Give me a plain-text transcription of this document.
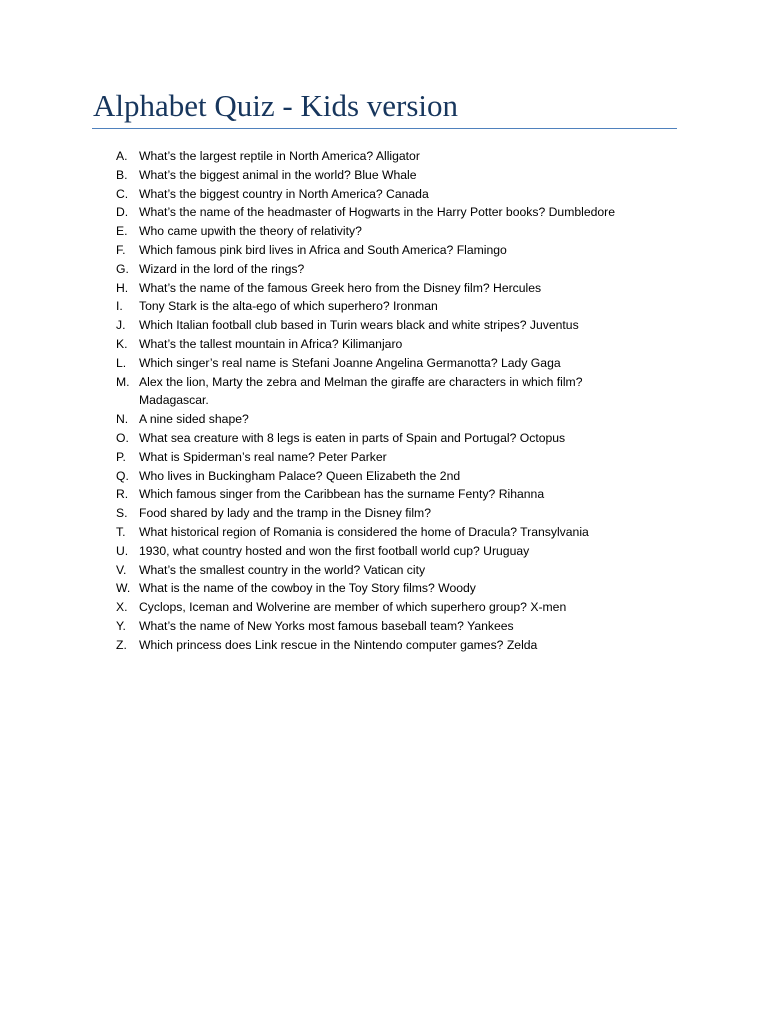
Alphabet Quiz - Kids version
A. What’s the largest reptile in North America? Alligator
B. What’s the biggest animal in the world? Blue Whale
C. What’s the biggest country in North America? Canada
D. What’s the name of the headmaster of Hogwarts in the Harry Potter books? Dumbledore
E. Who came upwith the theory of relativity?
F. Which famous pink bird lives in Africa and South America? Flamingo
G. Wizard in the lord of the rings?
H. What’s the name of the famous Greek hero from the Disney film? Hercules
I. Tony Stark is the alta-ego of which superhero? Ironman
J. Which Italian football club based in Turin wears black and white stripes? Juventus
K. What’s the tallest mountain in Africa? Kilimanjaro
L. Which singer’s real name is Stefani Joanne Angelina Germanotta? Lady Gaga
M. Alex the lion, Marty the zebra and Melman the giraffe are characters in which film? Madagascar.
N. A nine sided shape?
O. What sea creature with 8 legs is eaten in parts of Spain and Portugal? Octopus
P. What is Spiderman’s real name? Peter Parker
Q. Who lives in Buckingham Palace? Queen Elizabeth the 2nd
R. Which famous singer from the Caribbean has the surname Fenty? Rihanna
S. Food shared by lady and the tramp in the Disney film?
T. What historical region of Romania is considered the home of Dracula? Transylvania
U. 1930, what country hosted and won the first football world cup? Uruguay
V. What’s the smallest country in the world? Vatican city
W. What is the name of the cowboy in the Toy Story films? Woody
X. Cyclops, Iceman and Wolverine are member of which superhero group? X-men
Y. What’s the name of New Yorks most famous baseball team? Yankees
Z. Which princess does Link rescue in the Nintendo computer games? Zelda
